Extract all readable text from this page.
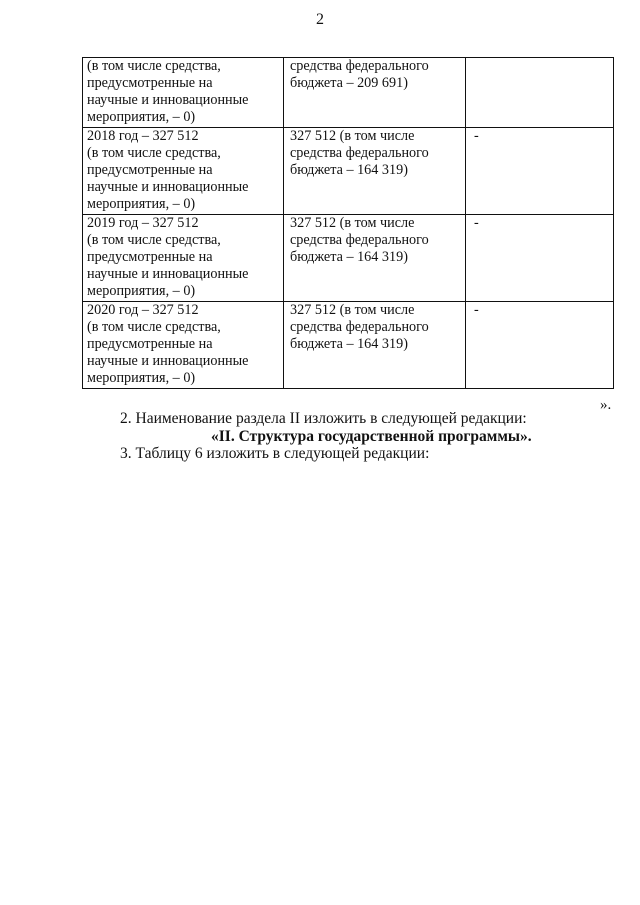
2
(в том числе средства,
предусмотренные на
научные и инновационные
мероприятия, – 0)	средства федерального
бюджета – 209 691)	

2018 год – 327 512
(в том числе средства,
предусмотренные на
научные и инновационные
мероприятия, – 0)	327 512 (в том числе
средства федерального
бюджета – 164 319)	-

2019 год – 327 512
(в том числе средства,
предусмотренные на
научные и инновационные
мероприятия, – 0)	327 512 (в том числе
средства федерального
бюджета – 164 319)	-

2020 год – 327 512
(в том числе средства,
предусмотренные на
научные и инновационные
мероприятия, – 0)	327 512 (в том числе
средства федерального
бюджета – 164 319)	-
».
2. Наименование раздела II изложить в следующей редакции:
«II. Структура государственной программы».
3. Таблицу 6 изложить в следующей редакции:
